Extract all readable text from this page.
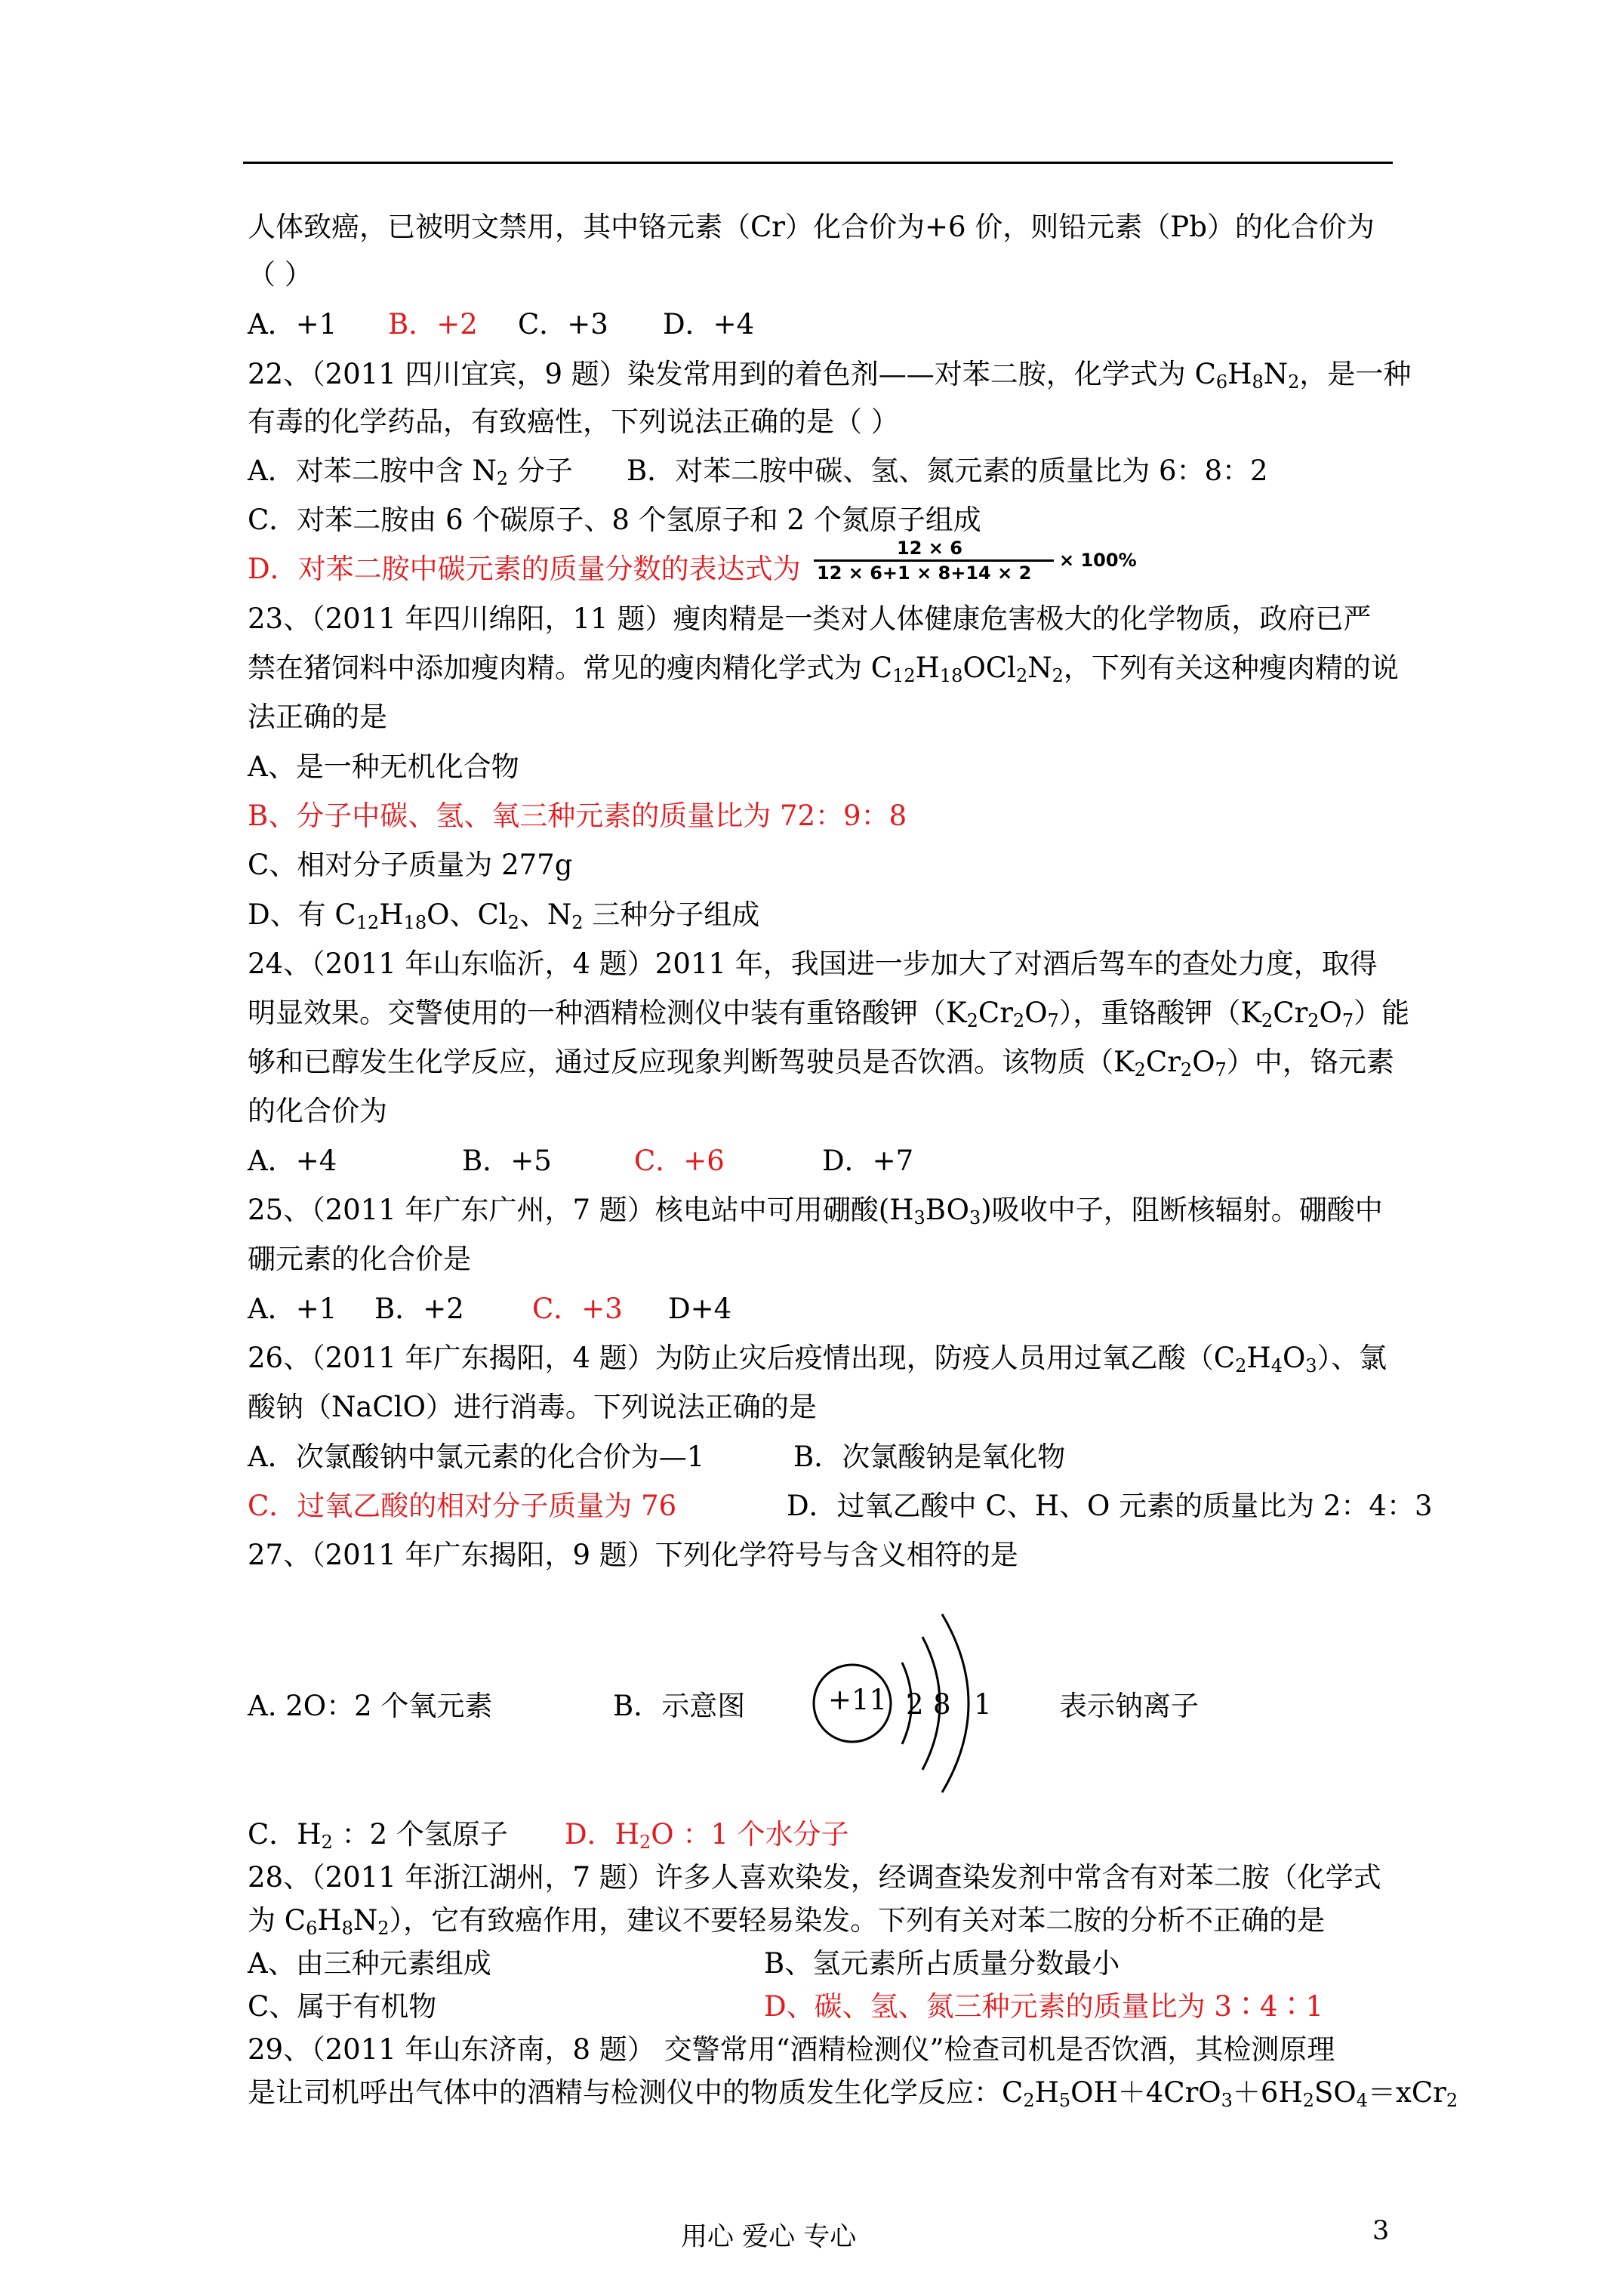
人体致癌，已被明文禁用，其中铬元素（Cr）化合价为+6 价，则铅元素（Pb）的化合价为
（ ）
A．+1 B．+2 C．+3 D．+4
22、（2011 四川宜宾，9 题）染发常用到的着色剂——对苯二胺，化学式为 $C_6H_8N_2$，是一种
有毒的化学药品，有致癌性，下列说法正确的是（ ）
A．对苯二胺中含 $N_2$ 分子 B．对苯二胺中碳、氢、氮元素的质量比为 6：8：2
C．对苯二胺由 6 个碳原子、8 个氢原子和 2 个氮原子组成
D．对苯二胺中碳元素的质量分数的表达式为
12 × 6
12 × 6+1 × 8+14 × 2
× 100%
23、（2011 年四川绵阳，11 题）瘦肉精是一类对人体健康危害极大的化学物质，政府已严
禁在猪饲料中添加瘦肉精。常见的瘦肉精化学式为 $C_{12}H_{18}OCl_2N_2$，下列有关这种瘦肉精的说
法正确的是
A、是一种无机化合物
B、分子中碳、氢、氧三种元素的质量比为 72：9：8
C、相对分子质量为 277g
D、有 $C_{12}H_{18}O$、$Cl_2$、$N_2$ 三种分子组成
24、（2011 年山东临沂，4 题）2011 年，我国进一步加大了对酒后驾车的查处力度，取得
明显效果。交警使用的一种酒精检测仪中装有重铬酸钾$(K_2Cr_2O_7)$，重铬酸钾$(K_2Cr_2O_7)$能
够和已醇发生化学反应，通过反应现象判断驾驶员是否饮酒。该物质$(K_2Cr_2O_7)$中，铬元素
的化合价为
A．+4	B．+5	C．+6	D．+7
25、（2011 年广东广州，7 题）核电站中可用硼酸$(H_3BO_3)$吸收中子，阻断核辐射。硼酸中
硼元素的化合价是
A．+1 B．+2 C．+3 D+4
26、（2011 年广东揭阳，4 题）为防止灾后疫情出现，防疫人员用过氧乙酸$(C_2H_4O_3)$、氯
酸钠（NaClO）进行消毒。下列说法正确的是
A．次氯酸钠中氯元素的化合价为—1	B．次氯酸钠是氧化物
C．过氧乙酸的相对分子质量为 76	D．过氧乙酸中 C、H、O 元素的质量比为 2：4：3
27、（2011 年广东揭阳，9 题）下列化学符号与含义相符的是
A. 2O：2 个氧元素	B．示意图	表示钠离子
+11 2 8 1
C．$H_2$ ：2 个氢原子 D．$H_2O$ ：1 个水分子
28、（2011 年浙江湖州，7 题）许多人喜欢染发，经调查染发剂中常含有对苯二胺（化学式
为 $C_6H_8N_2$），它有致癌作用，建议不要轻易染发。下列有关对苯二胺的分析不正确的是
A、由三种元素组成	B、氢元素所占质量分数最小
C、属于有机物	D、碳、氢、氮三种元素的质量比为 3∶4∶1
29、（2011 年山东济南，8 题） 交警常用“酒精检测仪”检查司机是否饮酒，其检测原理
是让司机呼出气体中的酒精与检测仪中的物质发生化学反应：$C_2H_5OH+4CrO_3+6H_2SO_4=xCr_2$
用心 爱心 专心	3
